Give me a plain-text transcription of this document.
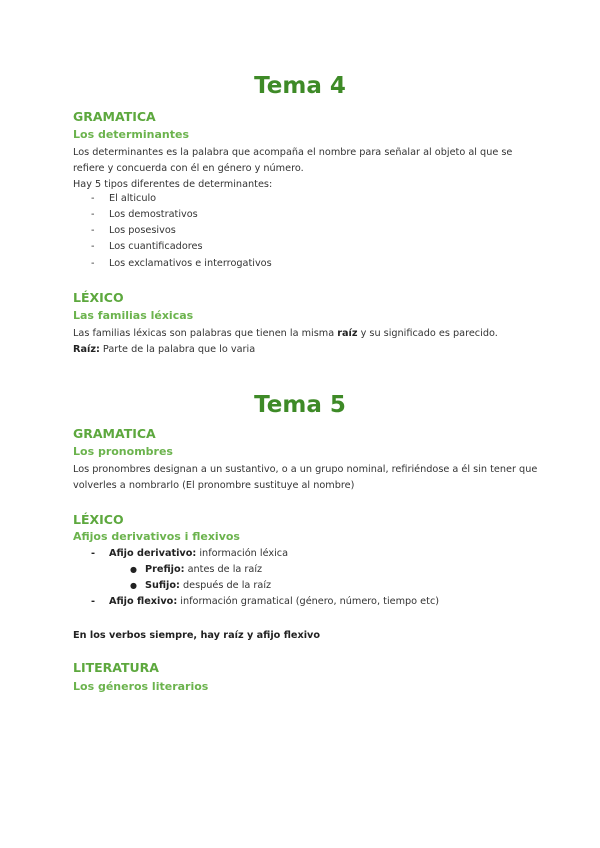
Tema 4
GRAMATICA
Los determinantes

Los determinantes es la palabra que acompaña el nombre para señalar al objeto al que se refiere y concuerda con él en género y número.

Hay 5 tipos diferentes de determinantes:

- El alticulo
- Los demostrativos
- Los posesivos
- Los cuantificadores
- Los exclamativos e interrogativos
LÉXICO
Las familias léxicas

Las familias léxicas son palabras que tienen la misma raíz y su significado es parecido.

Raíz: Parte de la palabra que lo varia

Tema 5
GRAMATICA
Los pronombres

Los pronombres designan a un sustantivo, o a un grupo nominal, refiriéndose a él sin tener que volverles a nombrarlo (El pronombre sustituye al nombre)

LÉXICO
Afijos derivativos i flexivos
- Afijo derivativo: información léxica
● Prefijo: antes de la raíz
● Sufijo: después de la raíz
- Afijo flexivo: información gramatical (género, número, tiempo etc)

En los verbos siempre, hay raíz y afijo flexivo

LITERATURA
Los géneros literarios
